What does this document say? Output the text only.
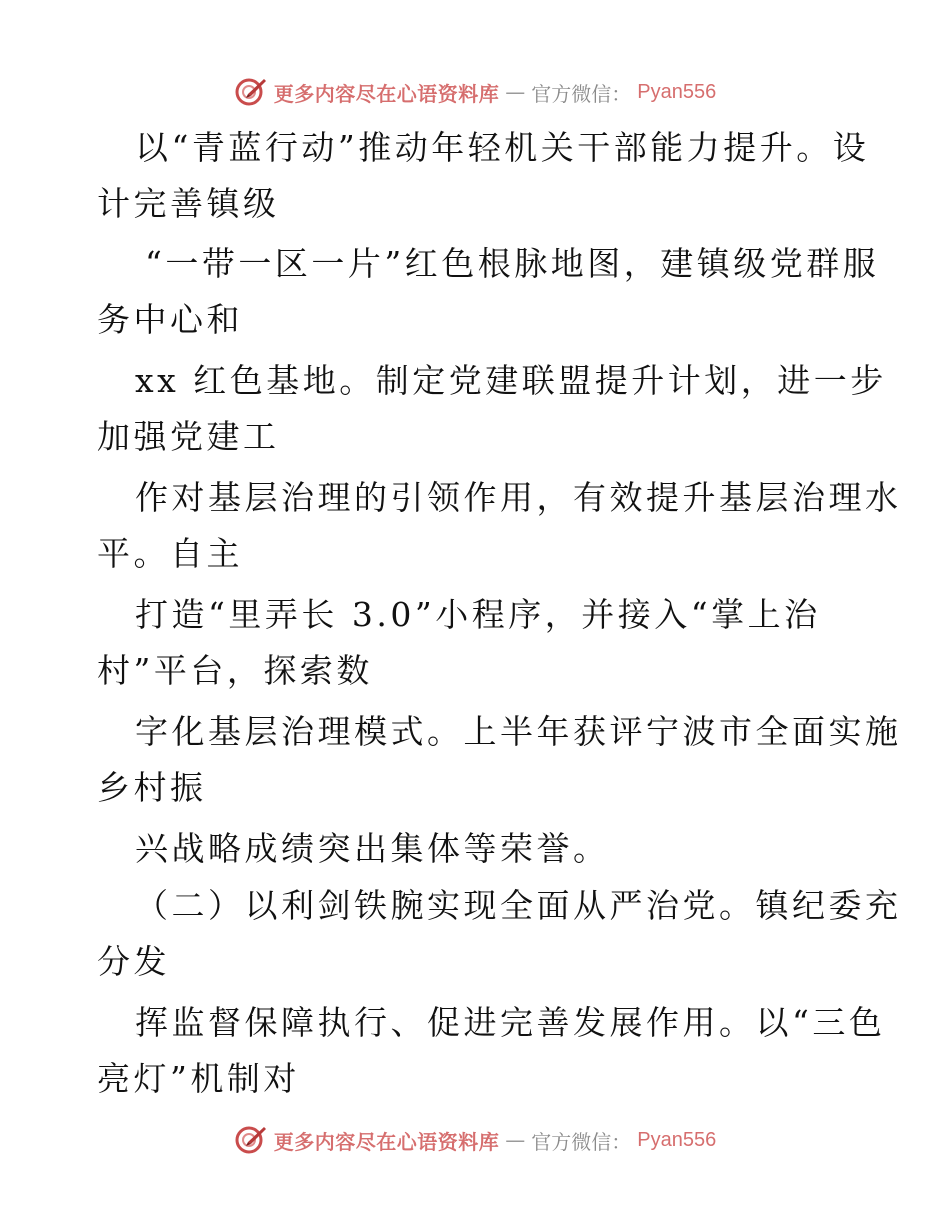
更多内容尽在心语资料库 — 官方微信： Pyan556
以“青蓝行动”推动年轻机关干部能力提升。设
计完善镇级
“一带一区一片”红色根脉地图，建镇级党群服
务中心和
xx 红色基地。制定党建联盟提升计划，进一步
加强党建工
作对基层治理的引领作用，有效提升基层治理水
平。自主
打造“里弄长 3.0”小程序，并接入“掌上治
村”平台，探索数
字化基层治理模式。上半年获评宁波市全面实施
乡村振
兴战略成绩突出集体等荣誉。
（二）以利剑铁腕实现全面从严治党。镇纪委充
分发
挥监督保障执行、促进完善发展作用。以“三色
亮灯”机制对
更多内容尽在心语资料库 — 官方微信： Pyan556
